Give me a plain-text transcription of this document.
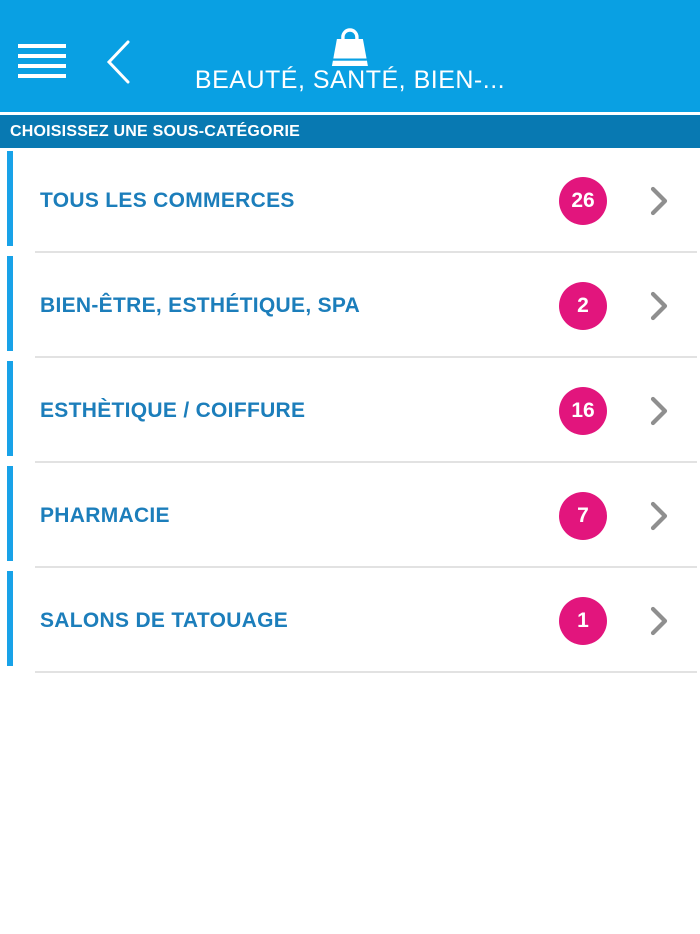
BEAUTÉ, SANTÉ, BIEN-...
CHOISISSEZ UNE SOUS-CATÉGORIE
TOUS LES COMMERCES	26
BIEN-ÊTRE, ESTHÉTIQUE, SPA	2
ESTHÈTIQUE / COIFFURE	16
PHARMACIE	7
SALONS DE TATOUAGE	1
